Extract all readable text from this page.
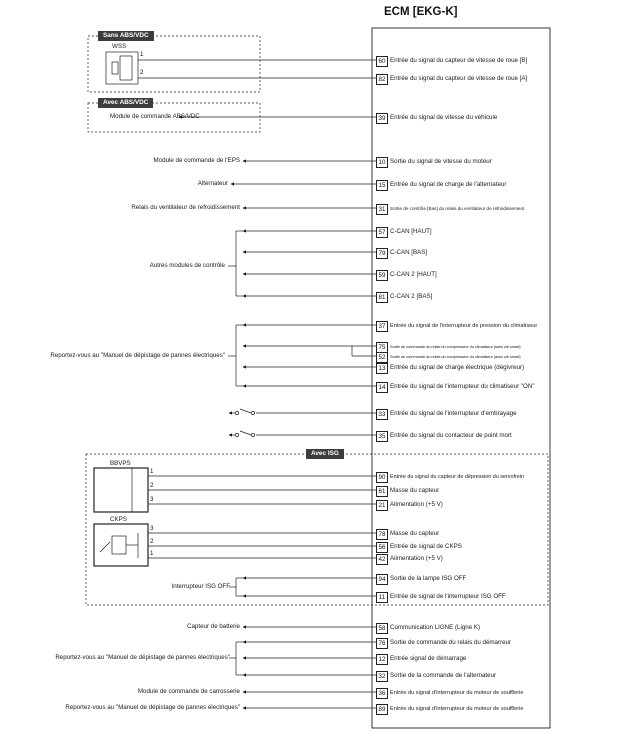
ECM [EKG-K]
Sans ABS/VDC
Avec ABS/VDC
Avec ISG
WSS
1
2
Module de commande ABS/VDC
Module de commande de l'EPS
Alternateur
Relais du ventilateur de refroidissement
Autres modules de contrôle
Reportez-vous au "Manuel de dépistage de pannes électriques"
BBVPS
1
2
3
CKPS
3
2
1
Interrupteur ISG OFF
Capteur de batterie
Reportez-vous au "Manuel de dépistage de pannes électriques"
Module de commande de carrosserie
Reportez-vous au "Manuel de dépistage de pannes électriques"
60 Entrée du signal du capteur de vitesse de roue [B]
82 Entrée du signal du capteur de vitesse de roue [A]
39 Entrée du signal de vitesse du véhicule
10 Sortie du signal de vitesse du moteur
15 Entrée du signal de charge de l'alternateur
31 Sortie de contrôle [Bas] du relais du ventilateur de refroidissement
57 C-CAN [HAUT]
79 C-CAN [BAS]
59 C-CAN 2 [HAUT]
81 C-CAN 2 [BAS]
37 Entrée du signal de l'interrupteur de pression du climatiseur
75	Sortie de commande du relais du compresseur du climatiseur [sans clé smart]
52	Sortie de commande du relais du compresseur du climatiseur [avec clé smart]
13 Entrée du signal de charge électrique (dégivreur)
14 Entrée du signal de l'interrupteur du climatiseur "ON"
33 Entrée du signal de l'interrupteur d'embrayage
35 Entrée du signal du contacteur de point mort
90 Entrée du signal du capteur de dépression du servofrein
61 Masse du capteur
21 Alimentation (+5 V)
78 Masse du capteur
56 Entrée de signal de CKPS
42 Alimentation (+5 V)
94 Sortie de la lampe ISG OFF
11 Entrée de signal de l'interrupteur ISG OFF
58 Communication LIGNE (Ligne K)
76 Sortie de commande du relais du démarreur
12 Entrée signal de démarrage
32 Sortie de la commande de l'alternateur
36 Entrée du signal d'interrupteur du moteur de soufflerie
89 Entrée du signal d'interrupteur du moteur de soufflerie
